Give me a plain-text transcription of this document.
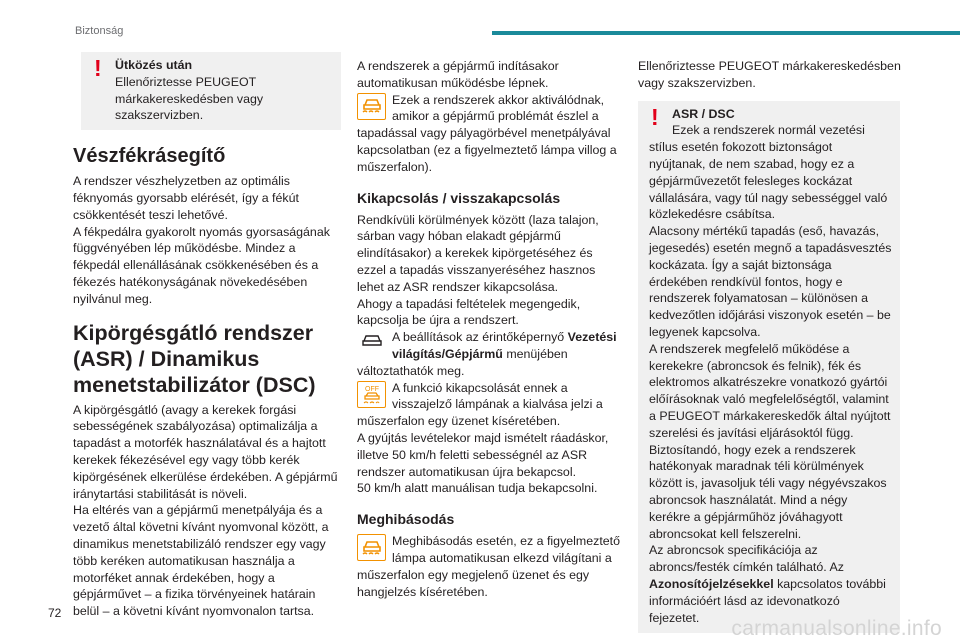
Biztonság
! Ütközés után

Ellenőriztesse PEUGEOT márkakereskedésben vagy szakszervizben.

Vészfékrásegítő

A rendszer vészhelyzetben az optimális féknyomás gyorsabb elérését, így a fékút csökkentését teszi lehetővé.

A fékpedálra gyakorolt nyomás gyorsaságának függvényében lép működésbe. Mindez a fékpedál ellenállásának csökkenésében és a fékezés hatékonyságának növekedésében nyilvánul meg.

Kipörgésgátló rendszer (ASR) / Dinamikus menetstabilizátor (DSC)

A kipörgésgátló (avagy a kerekek forgási sebességének szabályozása) optimalizálja a tapadást a motorfék használatával és a hajtott kerekek fékezésével egy vagy több kerék kipörgésének elkerülése érdekében. A gépjármű iránytartási stabilitását is növeli.

Ha eltérés van a gépjármű menetpályája és a vezető által követni kívánt nyomvonal között, a dinamikus menetstabilizáló rendszer egy vagy több keréken automatikusan használja a motorféket annak érdekében, hogy a gépjárművet – a fizika törvényeinek határain belül – a követni kívánt nyomvonalon tartsa.

A rendszerek a gépjármű indításakor automatikusan működésbe lépnek.

Ezek a rendszerek akkor aktiválódnak, amikor a gépjármű problémát észlel a tapadással vagy pályagörbével menetpályával kapcsolatban (ez a figyelmeztető lámpa villog a műszerfalon).
Kikapcsolás / visszakapcsolás

Rendkívüli körülmények között (laza talajon, sárban vagy hóban elakadt gépjármű elindításakor) a kerekek kipörgetéséhez és ezzel a tapadás visszanyeréséhez hasznos lehet az ASR rendszer kikapcsolása.

Ahogy a tapadási feltételek megengedik, kapcsolja be újra a rendszert.

A beállítások az érintőképernyő Vezetési világítás/Gépjármű menüjében változtathatók meg.
OFF A funkció kikapcsolását ennek a visszajelző lámpának a kialvása jelzi a műszerfalon egy üzenet kíséretében.

A gyújtás levételekor majd ismételt ráadáskor, illetve 50 km/h feletti sebességnél az ASR rendszer automatikusan újra bekapcsol.

50 km/h alatt manuálisan tudja bekapcsolni.

Meghibásodás
Meghibásodás esetén, ez a figyelmeztető lámpa automatikusan elkezd világítani a műszerfalon egy megjelenő üzenet és egy hangjelzés kíséretében.

Ellenőriztesse PEUGEOT márkakereskedésben vagy szakszervizben.

! ASR / DSC

Ezek a rendszerek normál vezetési stílus esetén fokozott biztonságot nyújtanak, de nem szabad, hogy ez a gépjárművezetőt felesleges kockázat vállalására, vagy túl nagy sebességgel való közlekedésre csábítsa.

Alacsony mértékű tapadás (eső, havazás, jegesedés) esetén megnő a tapadásvesztés kockázata. Így a saját biztonsága érdekében rendkívül fontos, hogy e rendszerek folyamatosan – különösen a kedvezőtlen időjárási viszonyok esetén – be legyenek kapcsolva.

A rendszerek megfelelő működése a kerekekre (abroncsok és felnik), fék és elektromos alkatrészekre vonatkozó gyártói előírásoknak való megfelelőségtől, valamint a PEUGEOT márkakereskedők által nyújtott szerelési és javítási eljárásoktól függ.

Biztosítandó, hogy ezek a rendszerek hatékonyak maradnak téli körülmények között is, javasoljuk téli vagy négyévszakos abroncsok használatát. Mind a négy kerékre a gépjárműhöz jóváhagyott abroncsokat kell felszerelni.

Az abroncsok specifikációja az abroncs/festék címkén található. Az Azonosítójelzésekkel kapcsolatos további információért lásd az idevonatkozó fejezetet.

72
carmanualsonline.info
